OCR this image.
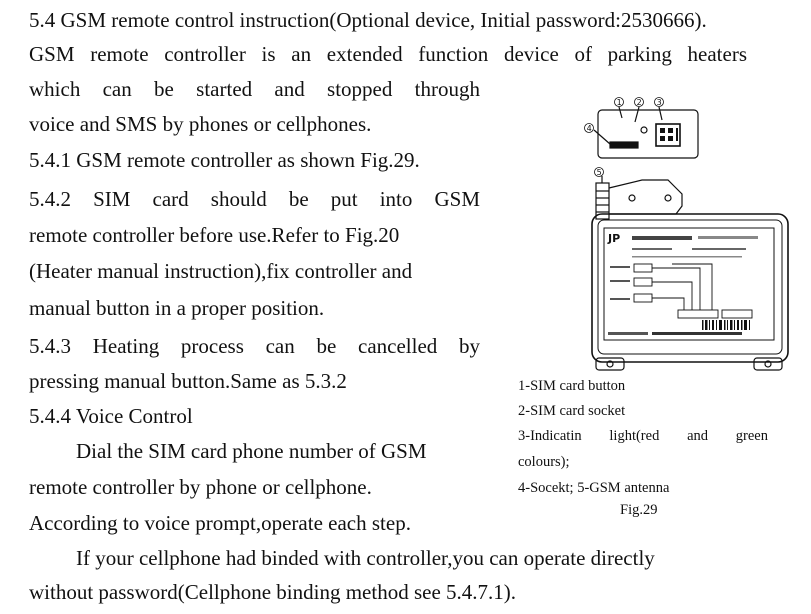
5.4 GSM remote control instruction(Optional device, Initial password:2530666).
GSM remote controller is an extended function device of parking heaters
which can be started and stopped through
voice and SMS by phones or cellphones.
5.4.1 GSM remote controller as shown Fig.29.
5.4.2 SIM card should be put into GSM
remote controller before use.Refer to Fig.20
(Heater manual instruction),fix controller and
manual button in a proper position.
5.4.3 Heating process can be cancelled by
pressing manual button.Same as 5.3.2
5.4.4 Voice Control
Dial the SIM card phone number of GSM
remote controller by phone or cellphone.
According to voice prompt,operate each step.
If your cellphone had binded with controller,you can operate directly
without password(Cellphone binding method see 5.4.7.1).
1 2 3
4
5
JP
1-SIM card button
2-SIM card socket
3-Indicatin light(red and green
colours);
4-Socekt; 5-GSM antenna
Fig.29
